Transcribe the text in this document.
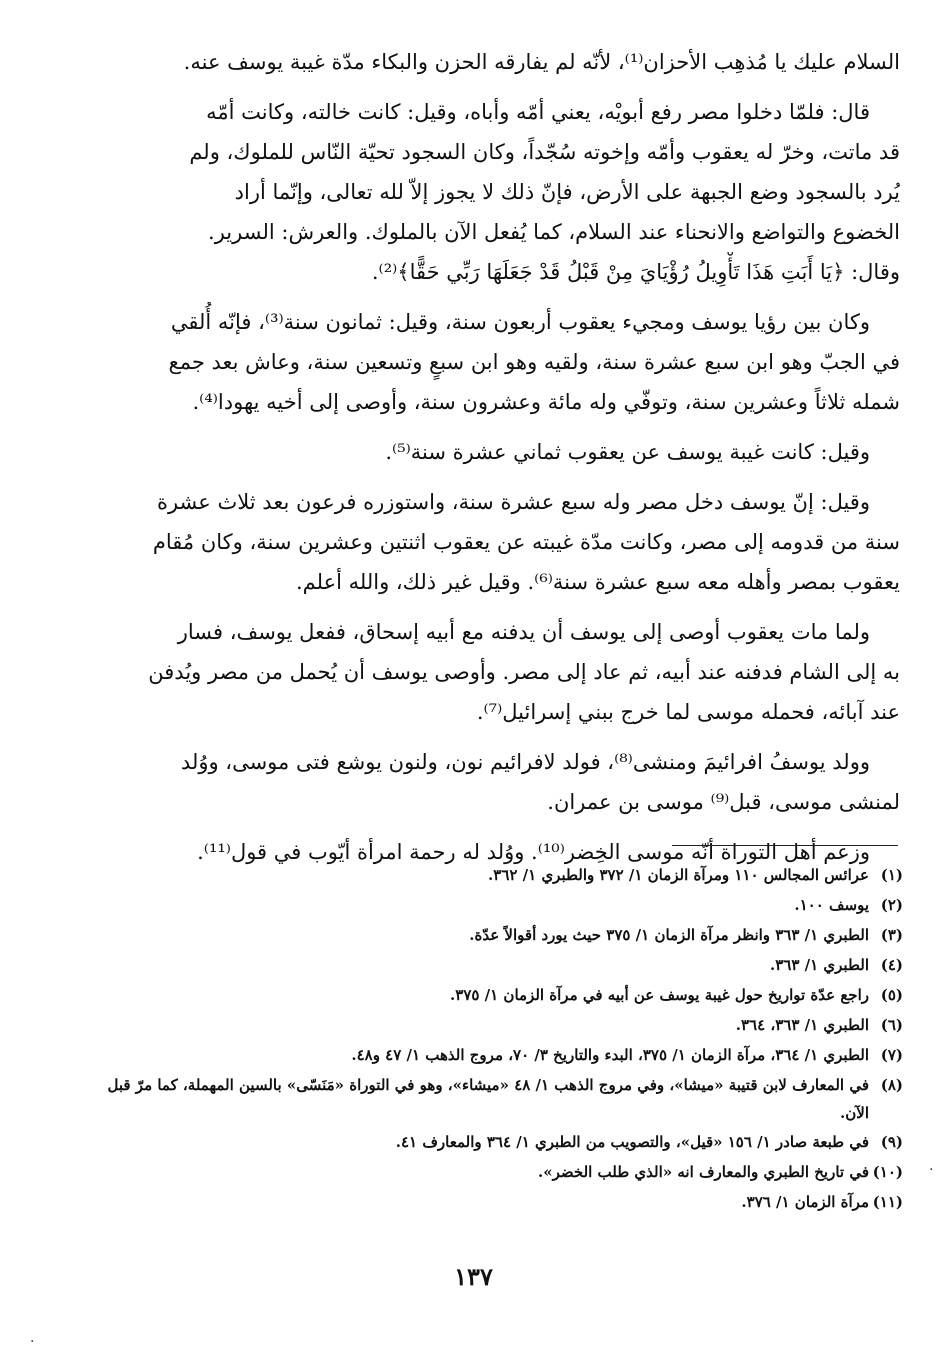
السلام عليك يا مُذهِب الأحزان⁽¹⁾، لأنّه لم يفارقه الحزن والبكاء مدّة غيبة يوسف عنه.
قال: فلمّا دخلوا مصر رفع أبويْه، يعني أمّه وأباه، وقيل: كانت خالته، وكانت أمّه
قد ماتت، وخرّ له يعقوب وأمّه وإخوته سُجّداً، وكان السجود تحيّة النّاس للملوك، ولم
يُرد بالسجود وضع الجبهة على الأرض، فإنّ ذلك لا يجوز إلاّ لله تعالى، وإنّما أراد
الخضوع والتواضع والانحناء عند السلام، كما يُفعل الآن بالملوك. والعرش: السرير.
وقال: ﴿يَا أَبَتِ هَذَا تَأْوِيلُ رُؤْيَايَ مِنْ قَبْلُ قَدْ جَعَلَهَا رَبِّي حَقًّا﴾⁽²⁾.
وكان بين رؤيا يوسف ومجيء يعقوب أربعون سنة، وقيل: ثمانون سنة⁽³⁾، فإنّه أُلقي
في الجبّ وهو ابن سبع عشرة سنة، ولقيه وهو ابن سبعٍ وتسعين سنة، وعاش بعد جمع
شمله ثلاثاً وعشرين سنة، وتوفّي وله مائة وعشرون سنة، وأوصى إلى أخيه يهودا⁽⁴⁾.
وقيل: كانت غيبة يوسف عن يعقوب ثماني عشرة سنة⁽⁵⁾.
وقيل: إنّ يوسف دخل مصر وله سبع عشرة سنة، واستوزره فرعون بعد ثلاث عشرة
سنة من قدومه إلى مصر، وكانت مدّة غيبته عن يعقوب اثنتين وعشرين سنة، وكان مُقام
يعقوب بمصر وأهله معه سبع عشرة سنة⁽⁶⁾. وقيل غير ذلك، والله أعلم.
ولما مات يعقوب أوصى إلى يوسف أن يدفنه مع أبيه إسحاق، ففعل يوسف، فسار
به إلى الشام فدفنه عند أبيه، ثم عاد إلى مصر. وأوصى يوسف أن يُحمل من مصر ويُدفن
عند آبائه، فحمله موسى لما خرج ببني إسرائيل⁽⁷⁾.
وولد يوسفُ افرائيمَ ومنشى⁽⁸⁾، فولد لافرائيم نون، ولنون يوشع فتى موسى، ووُلد
لمنشى موسى، قبل⁽⁹⁾ موسى بن عمران.
وزعم أهل التوراة أنّه موسى الخِضر⁽¹⁰⁾. ووُلد له رحمة امرأة أيّوب في قول⁽¹¹⁾.
(١)
عرائس المجالس ١١٠ ومرآة الزمان ١/ ٣٧٢ والطبري ١/ ٣٦٢.
(٢)
يوسف ١٠٠.
(٣)
الطبري ١/ ٣٦٣ وانظر مرآة الزمان ١/ ٣٧٥ حيث يورد أقوالاً عدّة.
(٤)
الطبري ١/ ٣٦٣.
(٥)
راجع عدّة تواريخ حول غيبة يوسف عن أبيه في مرآة الزمان ١/ ٣٧٥.
(٦)
الطبري ١/ ٣٦٣، ٣٦٤.
(٧)
الطبري ١/ ٣٦٤، مرآة الزمان ١/ ٣٧٥، البدء والتاريخ ٣/ ٧٠، مروج الذهب ١/ ٤٧ و٤٨.
(٨)
في المعارف لابن قتيبة «ميشا»، وفي مروج الذهب ١/ ٤٨ «ميشاء»، وهو في التوراة «مَنَسّى» بالسين المهملة، كما مرّ قبل الآن.
(٩)
في طبعة صادر ١/ ١٥٦ «قيل»، والتصويب من الطبري ١/ ٣٦٤ والمعارف ٤١.
(١٠)
في تاريخ الطبري والمعارف انه «الذي طلب الخضر».
(١١)
مرآة الزمان ١/ ٣٧٦.
١٣٧
.
.
